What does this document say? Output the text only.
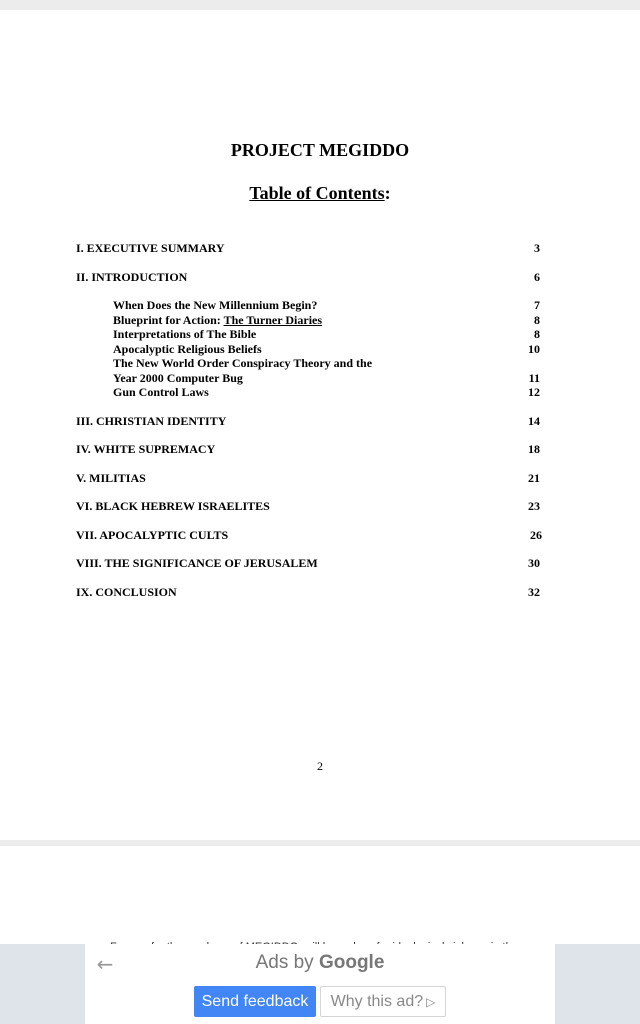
PROJECT MEGIDDO
Table of Contents:
I. EXECUTIVE SUMMARY	3
II. INTRODUCTION	6
When Does the New Millennium Begin?	7
Blueprint for Action: The Turner Diaries	8
Interpretations of The Bible	8
Apocalyptic Religious Beliefs	10
The New World Order Conspiracy Theory and the
Year 2000 Computer Bug	11
Gun Control Laws	12
III. CHRISTIAN IDENTITY	14
IV. WHITE SUPREMACY	18
V. MILITIAS	21
VI. BLACK HEBREW ISRAELITES	23
VII. APOCALYPTIC CULTS	26
VIII. THE SIGNIFICANCE OF JERUSALEM	30
IX. CONCLUSION	32
2
←	Ads by Google
Send feedback	Why this ad? ▷
